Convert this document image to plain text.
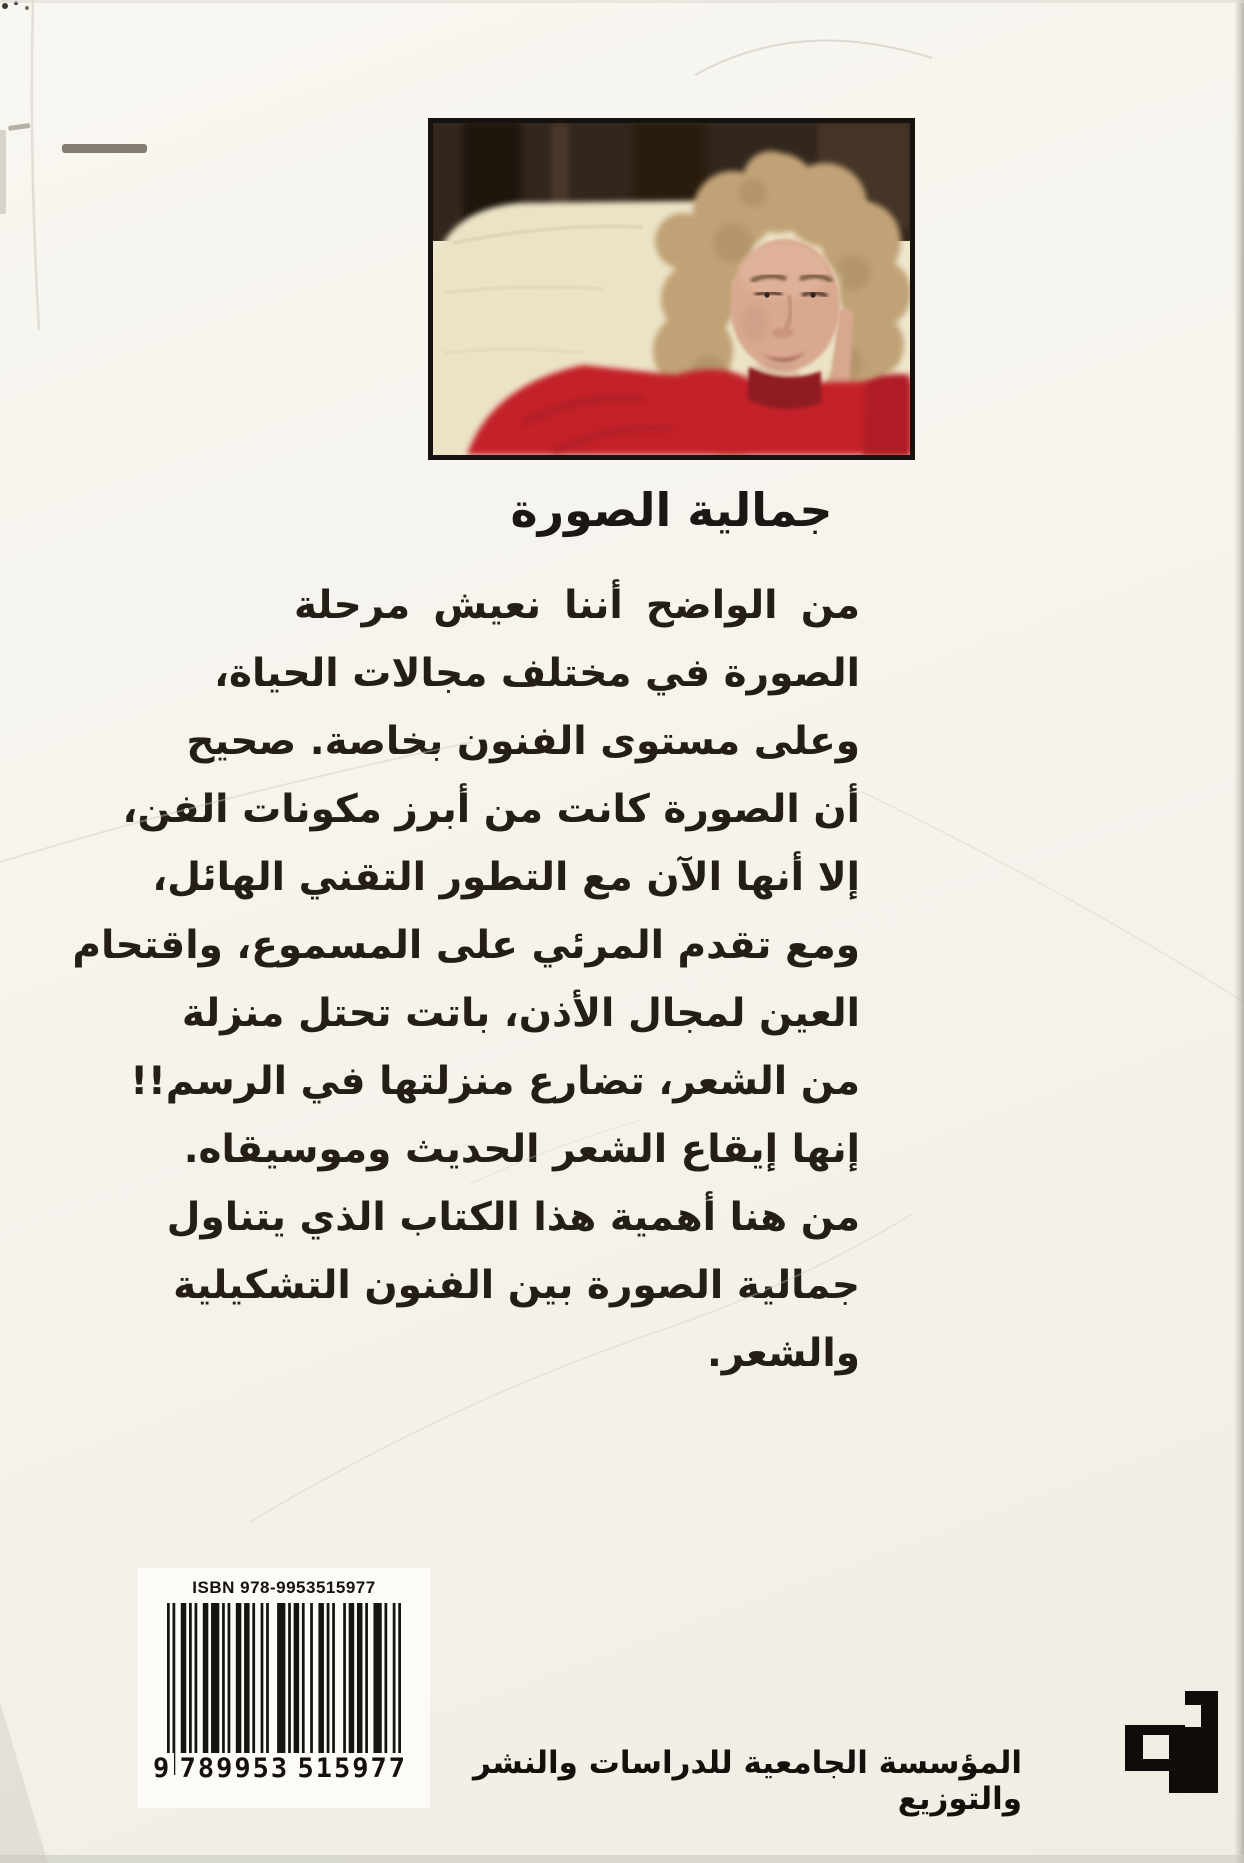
جمالية الصورة
من الواضح أننا نعيش مرحلة
الصورة في مختلف مجالات الحياة،
وعلى مستوى الفنون بخاصة. صحيح
أن الصورة كانت من أبرز مكونات الفن،
إلا أنها الآن مع التطور التقني الهائل،
ومع تقدم المرئي على المسموع، واقتحام
العين لمجال الأذن، باتت تحتل منزلة
من الشعر، تضارع منزلتها في الرسم!!
إنها إيقاع الشعر الحديث وموسيقاه.
من هنا أهمية هذا الكتاب الذي يتناول
جمالية الصورة بين الفنون التشكيلية
والشعر.
ISBN 978-9953515977
9 789953 515977	المؤسسة الجامعية للدراسات والنشر والتوزيع
